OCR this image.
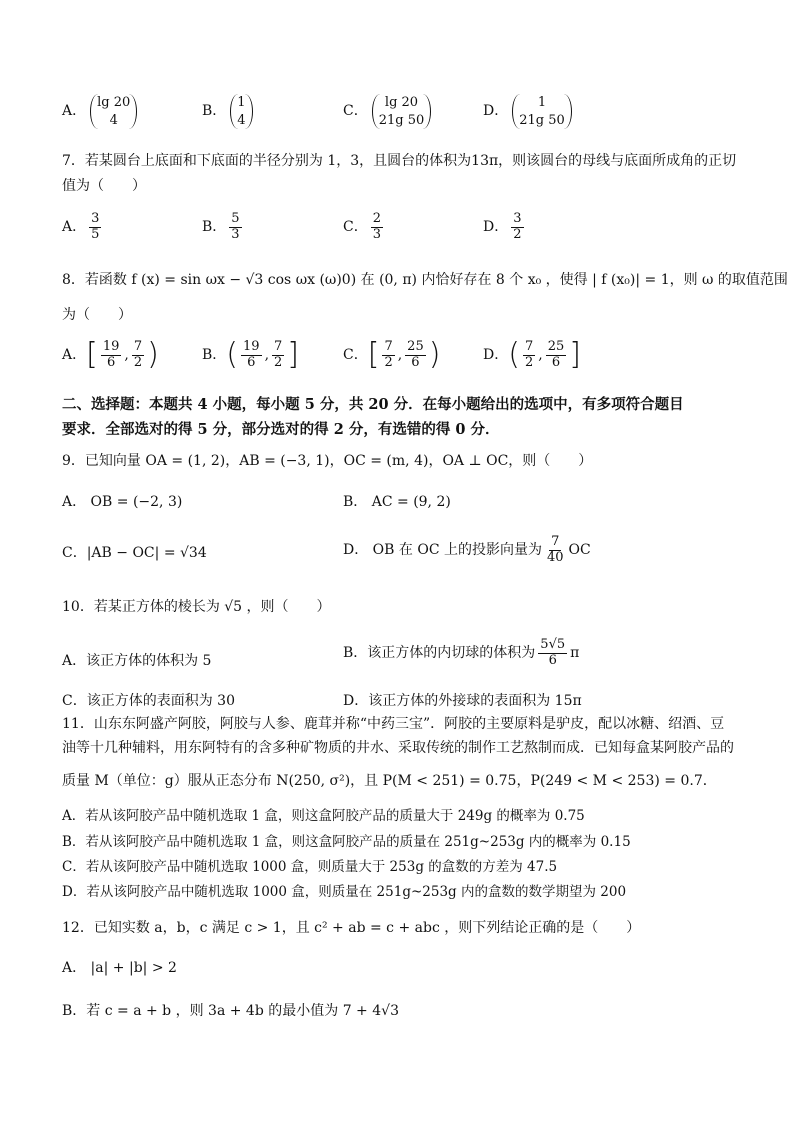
A．
lg 20
4
B．
1
4
C．
lg 20
21g 50
D．
1
21g 50
7．若某圆台上底面和下底面的半径分别为 1，3，且圆台的体积为13π，则该圆台的母线与底面所成角的正切
值为（　　）
A． $\frac{3}{5}$	B． $\frac{5}{3}$	C． $\frac{2}{3}$	D． $\frac{3}{2}$
8．若函数 f (x) = sin ωx − √3 cos ωx (ω)0) 在 (0, π) 内恰好存在 8 个 x₀ ，使得 | f (x₀)| = 1，则 ω 的取值范围
为（　　）
A． [ $\frac{19}{6}$ , $\frac{7}{2}$ )	B． ( $\frac{19}{6}$ , $\frac{7}{2}$ ]	C． [ $\frac{7}{2}$ , $\frac{25}{6}$ )	D． ( $\frac{7}{2}$ , $\frac{25}{6}$ ]
二、选择题：本题共 4 小题，每小题 5 分，共 20 分．在每小题给出的选项中，有多项符合题目
要求．全部选对的得 5 分，部分选对的得 2 分，有选错的得 0 分．
9．已知向量 OA = (1, 2)，AB = (−3, 1)，OC = (m, 4)，OA ⊥ OC，则（　　）
A． OB = (−2, 3)	B． AC = (9, 2)
C．|AB − OC| = √34	D． OB 在 OC 上的投影向量为 $\frac{7}{40}$ OC
10．若某正方体的棱长为 √5 ，则（　　）
A．该正方体的体积为 5	B．该正方体的内切球的体积为 $\frac{5√5}{6}$ π
C．该正方体的表面积为 30	D．该正方体的外接球的表面积为 15π
11．山东东阿盛产阿胶，阿胶与人参、鹿茸并称“中药三宝”．阿胶的主要原料是驴皮，配以冰糖、绍酒、豆油等十几种辅料，用东阿特有的含多种矿物质的井水、采取传统的制作工艺熬制而成．已知每盒某阿胶产品的
质量 M（单位：g）服从正态分布 N(250, σ²)，且 P(M < 251) = 0.75，P(249 < M < 253) = 0.7．
A．若从该阿胶产品中随机选取 1 盒，则这盒阿胶产品的质量大于 249g 的概率为 0.75
B．若从该阿胶产品中随机选取 1 盒，则这盒阿胶产品的质量在 251g~253g 内的概率为 0.15
C．若从该阿胶产品中随机选取 1000 盒，则质量大于 253g 的盒数的方差为 47.5
D．若从该阿胶产品中随机选取 1000 盒，则质量在 251g~253g 内的盒数的数学期望为 200
12．已知实数 a，b，c 满足 c > 1，且 c² + ab = c + abc ，则下列结论正确的是（　　）
A． |a| + |b| > 2
B．若 c = a + b ，则 3a + 4b 的最小值为 7 + 4√3
